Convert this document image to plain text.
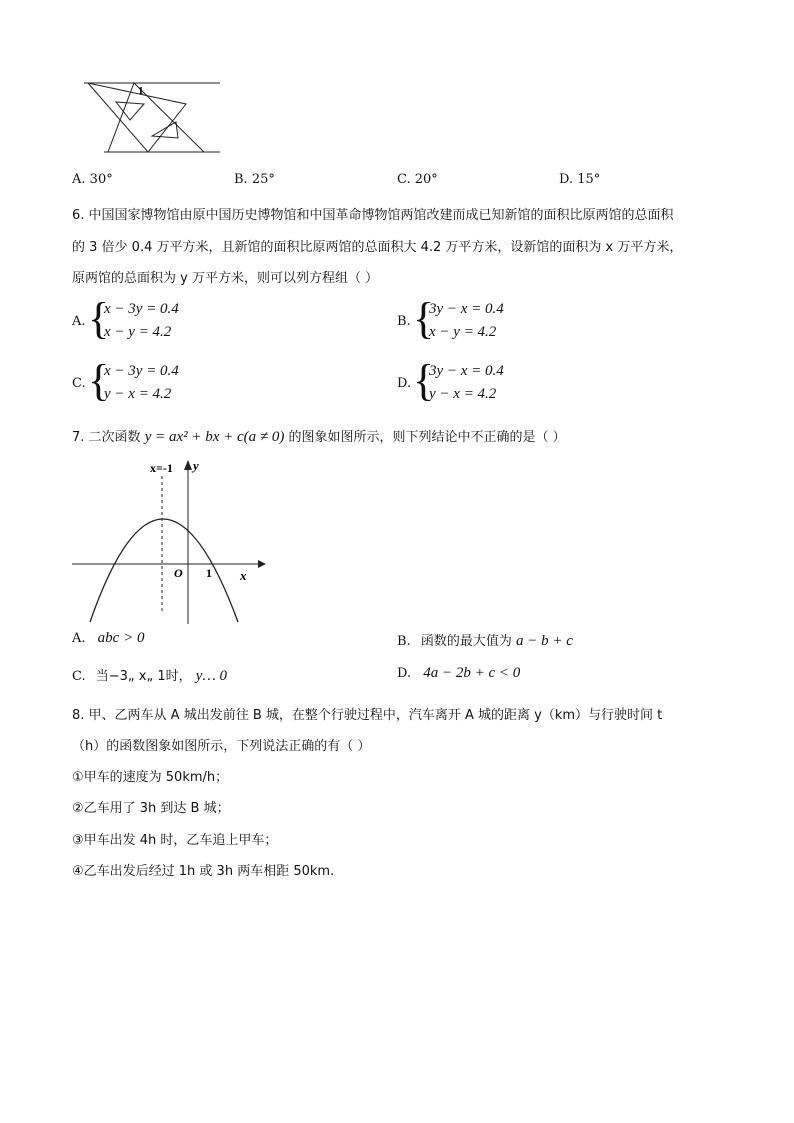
1
A. 30°	B. 25°	C. 20°	D. 15°
6. 中国国家博物馆由原中国历史博物馆和中国革命博物馆两馆改建而成已知新馆的面积比原两馆的总面积
的 3 倍少 0.4 万平方米，且新馆的面积比原两馆的总面积大 4.2 万平方米，设新馆的面积为 x 万平方米，
原两馆的总面积为 y 万平方米，则可以列方程组（ ）
A. {
x − 3y = 0.4
x − y = 4.2
B. {
3y − x = 0.4
x − y = 4.2
C. {
x − 3y = 0.4
y − x = 4.2
D. {
3y − x = 0.4
y − x = 4.2
7. 二次函数 y = ax² + bx + c(a ≠ 0) 的图象如图所示，则下列结论中不正确的是（ ）
x=-1 y
x
O 1
A. abc > 0	B. 函数的最大值为 a − b + c
C. 当−3„ x„ 1时， y… 0	D. 4a − 2b + c < 0
8. 甲、乙两车从 A 城出发前往 B 城，在整个行驶过程中，汽车离开 A 城的距离 y（km）与行驶时间 t
（h）的函数图象如图所示，下列说法正确的有（ ）
①甲车的速度为 50km/h；
②乙车用了 3h 到达 B 城；
③甲车出发 4h 时，乙车追上甲车；
④乙车出发后经过 1h 或 3h 两车相距 50km.
